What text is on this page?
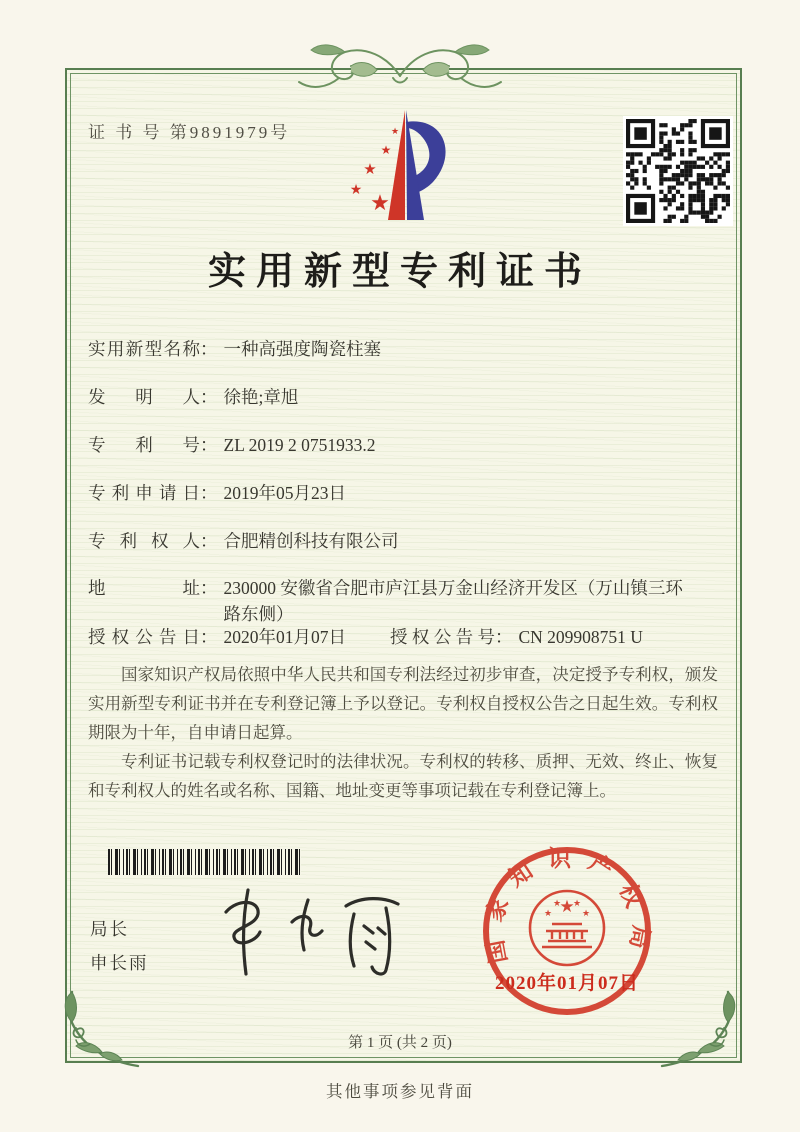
证 书 号 第9891979号
★
★
★
★
★
实用新型专利证书
实用新型名称 ： 一种高强度陶瓷柱塞
发明人 ： 徐艳;章旭
专利号 ： ZL 2019 2 0751933.2
专利申请日 ： 2019年05月23日
专利权人 ： 合肥精创科技有限公司
地址 ： 230000 安徽省合肥市庐江县万金山经济开发区（万山镇三环路东侧）
授权公告日 ： 2020年01月07日	授权公告号 ： CN 209908751 U

国家知识产权局依照中华人民共和国专利法经过初步审查，决定授予专利权，颁发实用新型专利证书并在专利登记簿上予以登记。专利权自授权公告之日起生效。专利权期限为十年，自申请日起算。

专利证书记载专利权登记时的法律状况。专利权的转移、质押、无效、终止、恢复和专利权人的姓名或名称、国籍、地址变更等事项记载在专利登记簿上。

局长
申长雨	国家知识产权局
★
★
★ ★
★
2020年01月07日
第 1 页 (共 2 页)
其他事项参见背面
